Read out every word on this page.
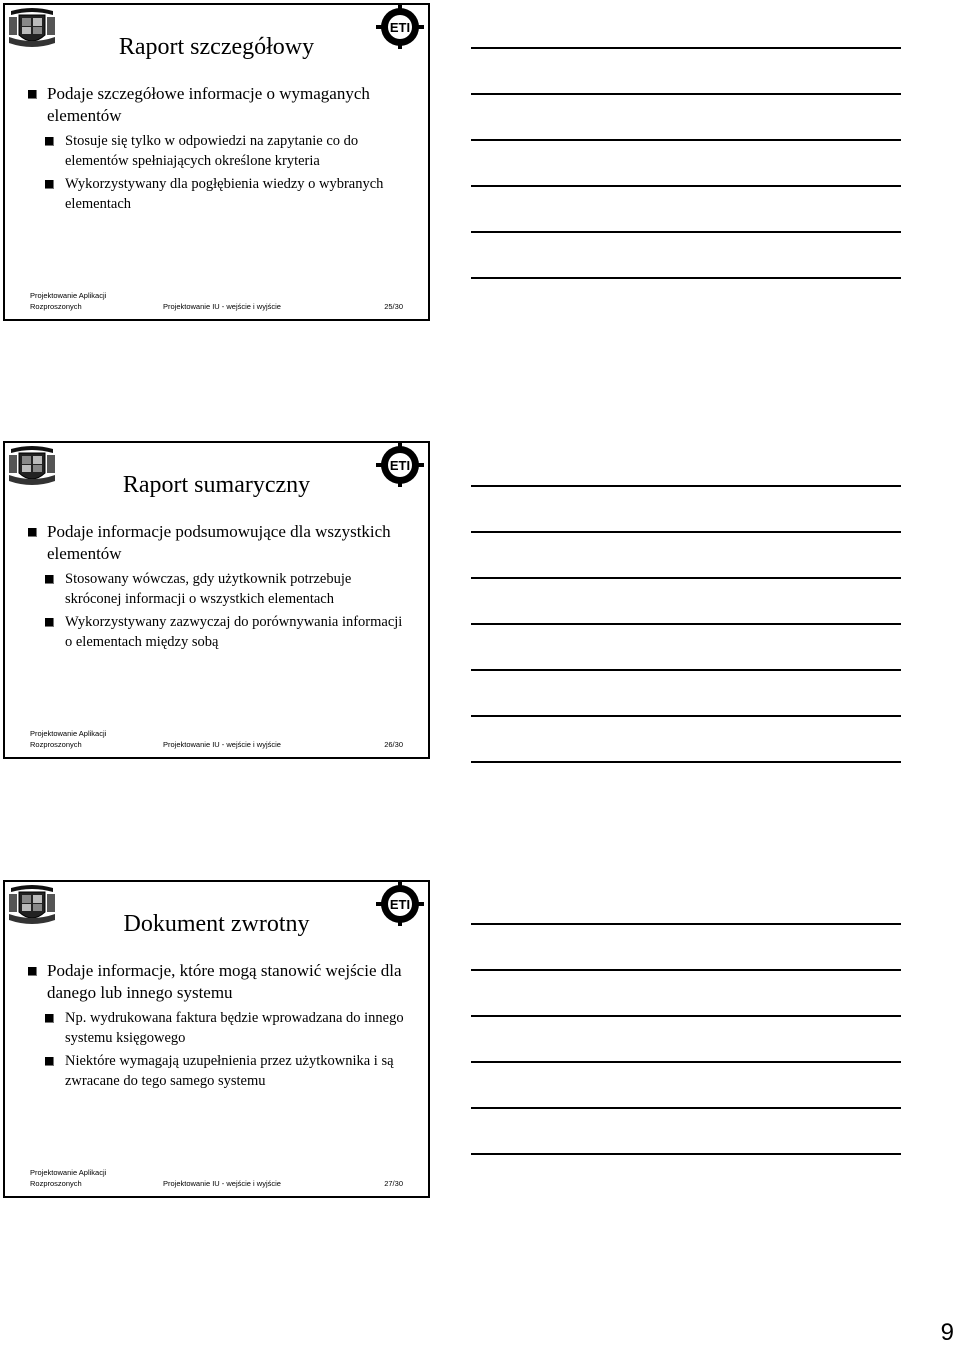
ETI
Raport szczegółowy
Podaje szczegółowe informacje o wymaganych elementów
Stosuje się tylko w odpowiedzi na zapytanie co do elementów spełniających określone kryteria
Wykorzystywany dla pogłębienia wiedzy o wybranych elementach
Projektowanie Aplikacji
Rozproszonych	Projektowanie IU - wejście i wyjście	25/30
ETI
Raport sumaryczny
Podaje informacje podsumowujące dla wszystkich elementów
Stosowany wówczas, gdy użytkownik potrzebuje skróconej informacji o wszystkich elementach
Wykorzystywany zazwyczaj do porównywania informacji o elementach między sobą
Projektowanie Aplikacji
Rozproszonych	Projektowanie IU - wejście i wyjście	26/30
ETI
Dokument zwrotny
Podaje informacje, które mogą stanowić wejście dla danego lub innego systemu
Np. wydrukowana faktura będzie wprowadzana do innego systemu księgowego
Niektóre wymagają uzupełnienia przez użytkownika i są zwracane do tego samego systemu
Projektowanie Aplikacji
Rozproszonych	Projektowanie IU - wejście i wyjście	27/30
9
